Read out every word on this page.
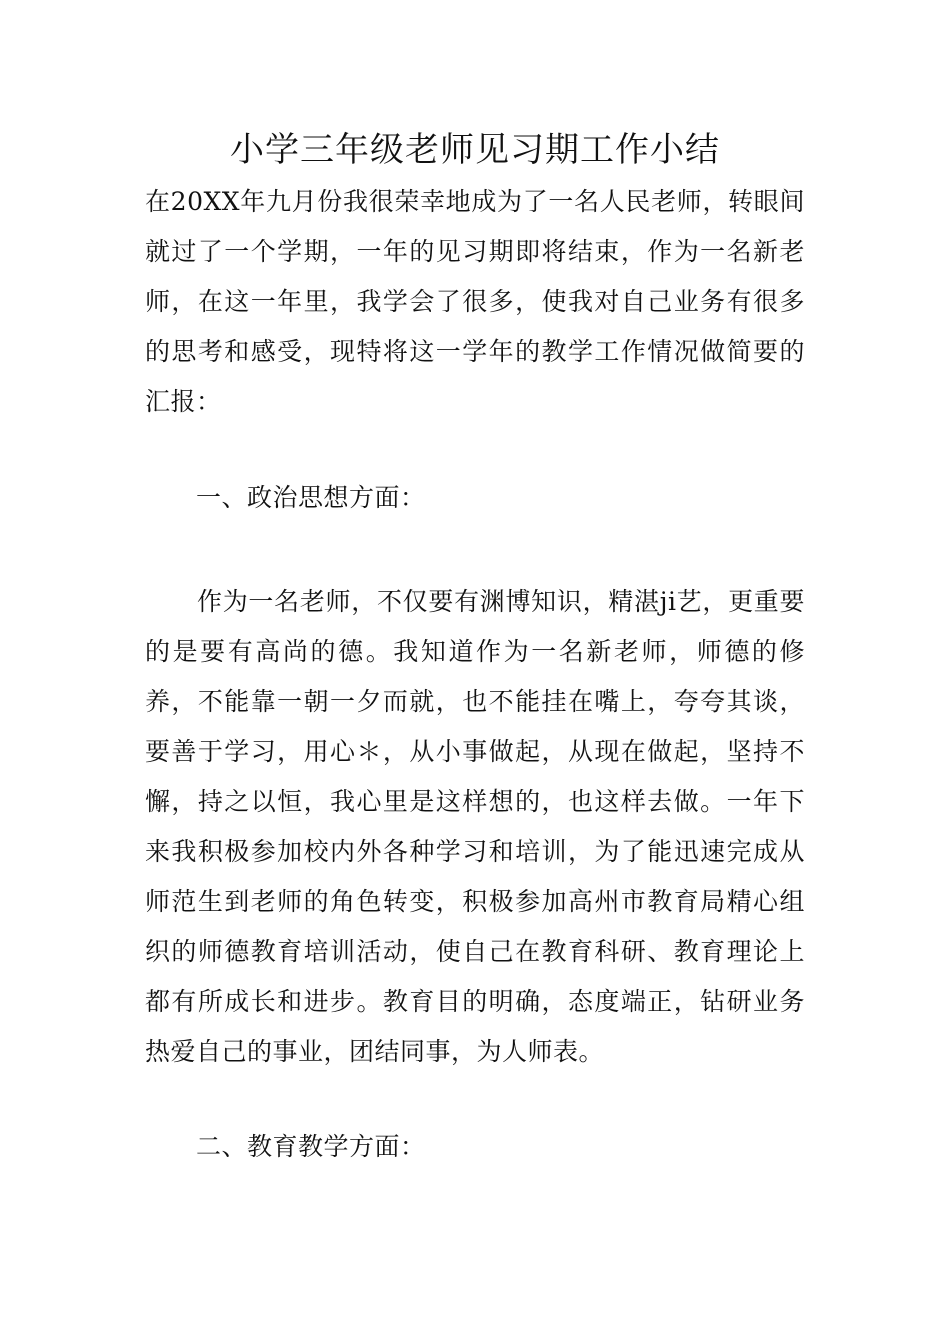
小学三年级老师见习期工作小结

在20XX年九月份我很荣幸地成为了一名人民老师，转眼间就过了一个学期，一年的见习期即将结束，作为一名新老师，在这一年里，我学会了很多，使我对自己业务有很多的思考和感受，现特将这一学年的教学工作情况做简要的汇报：

一、政治思想方面：

作为一名老师，不仅要有渊博知识，精湛ji艺，更重要的是要有高尚的德。我知道作为一名新老师，师德的修养，不能靠一朝一夕而就，也不能挂在嘴上，夸夸其谈，要善于学习，用心＊，从小事做起，从现在做起，坚持不懈，持之以恒，我心里是这样想的，也这样去做。一年下来我积极参加校内外各种学习和培训，为了能迅速完成从师范生到老师的角色转变，积极参加高州市教育局精心组织的师德教育培训活动，使自己在教育科研、教育理论上都有所成长和进步。教育目的明确，态度端正，钻研业务热爱自己的事业，团结同事，为人师表。

二、教育教学方面：
